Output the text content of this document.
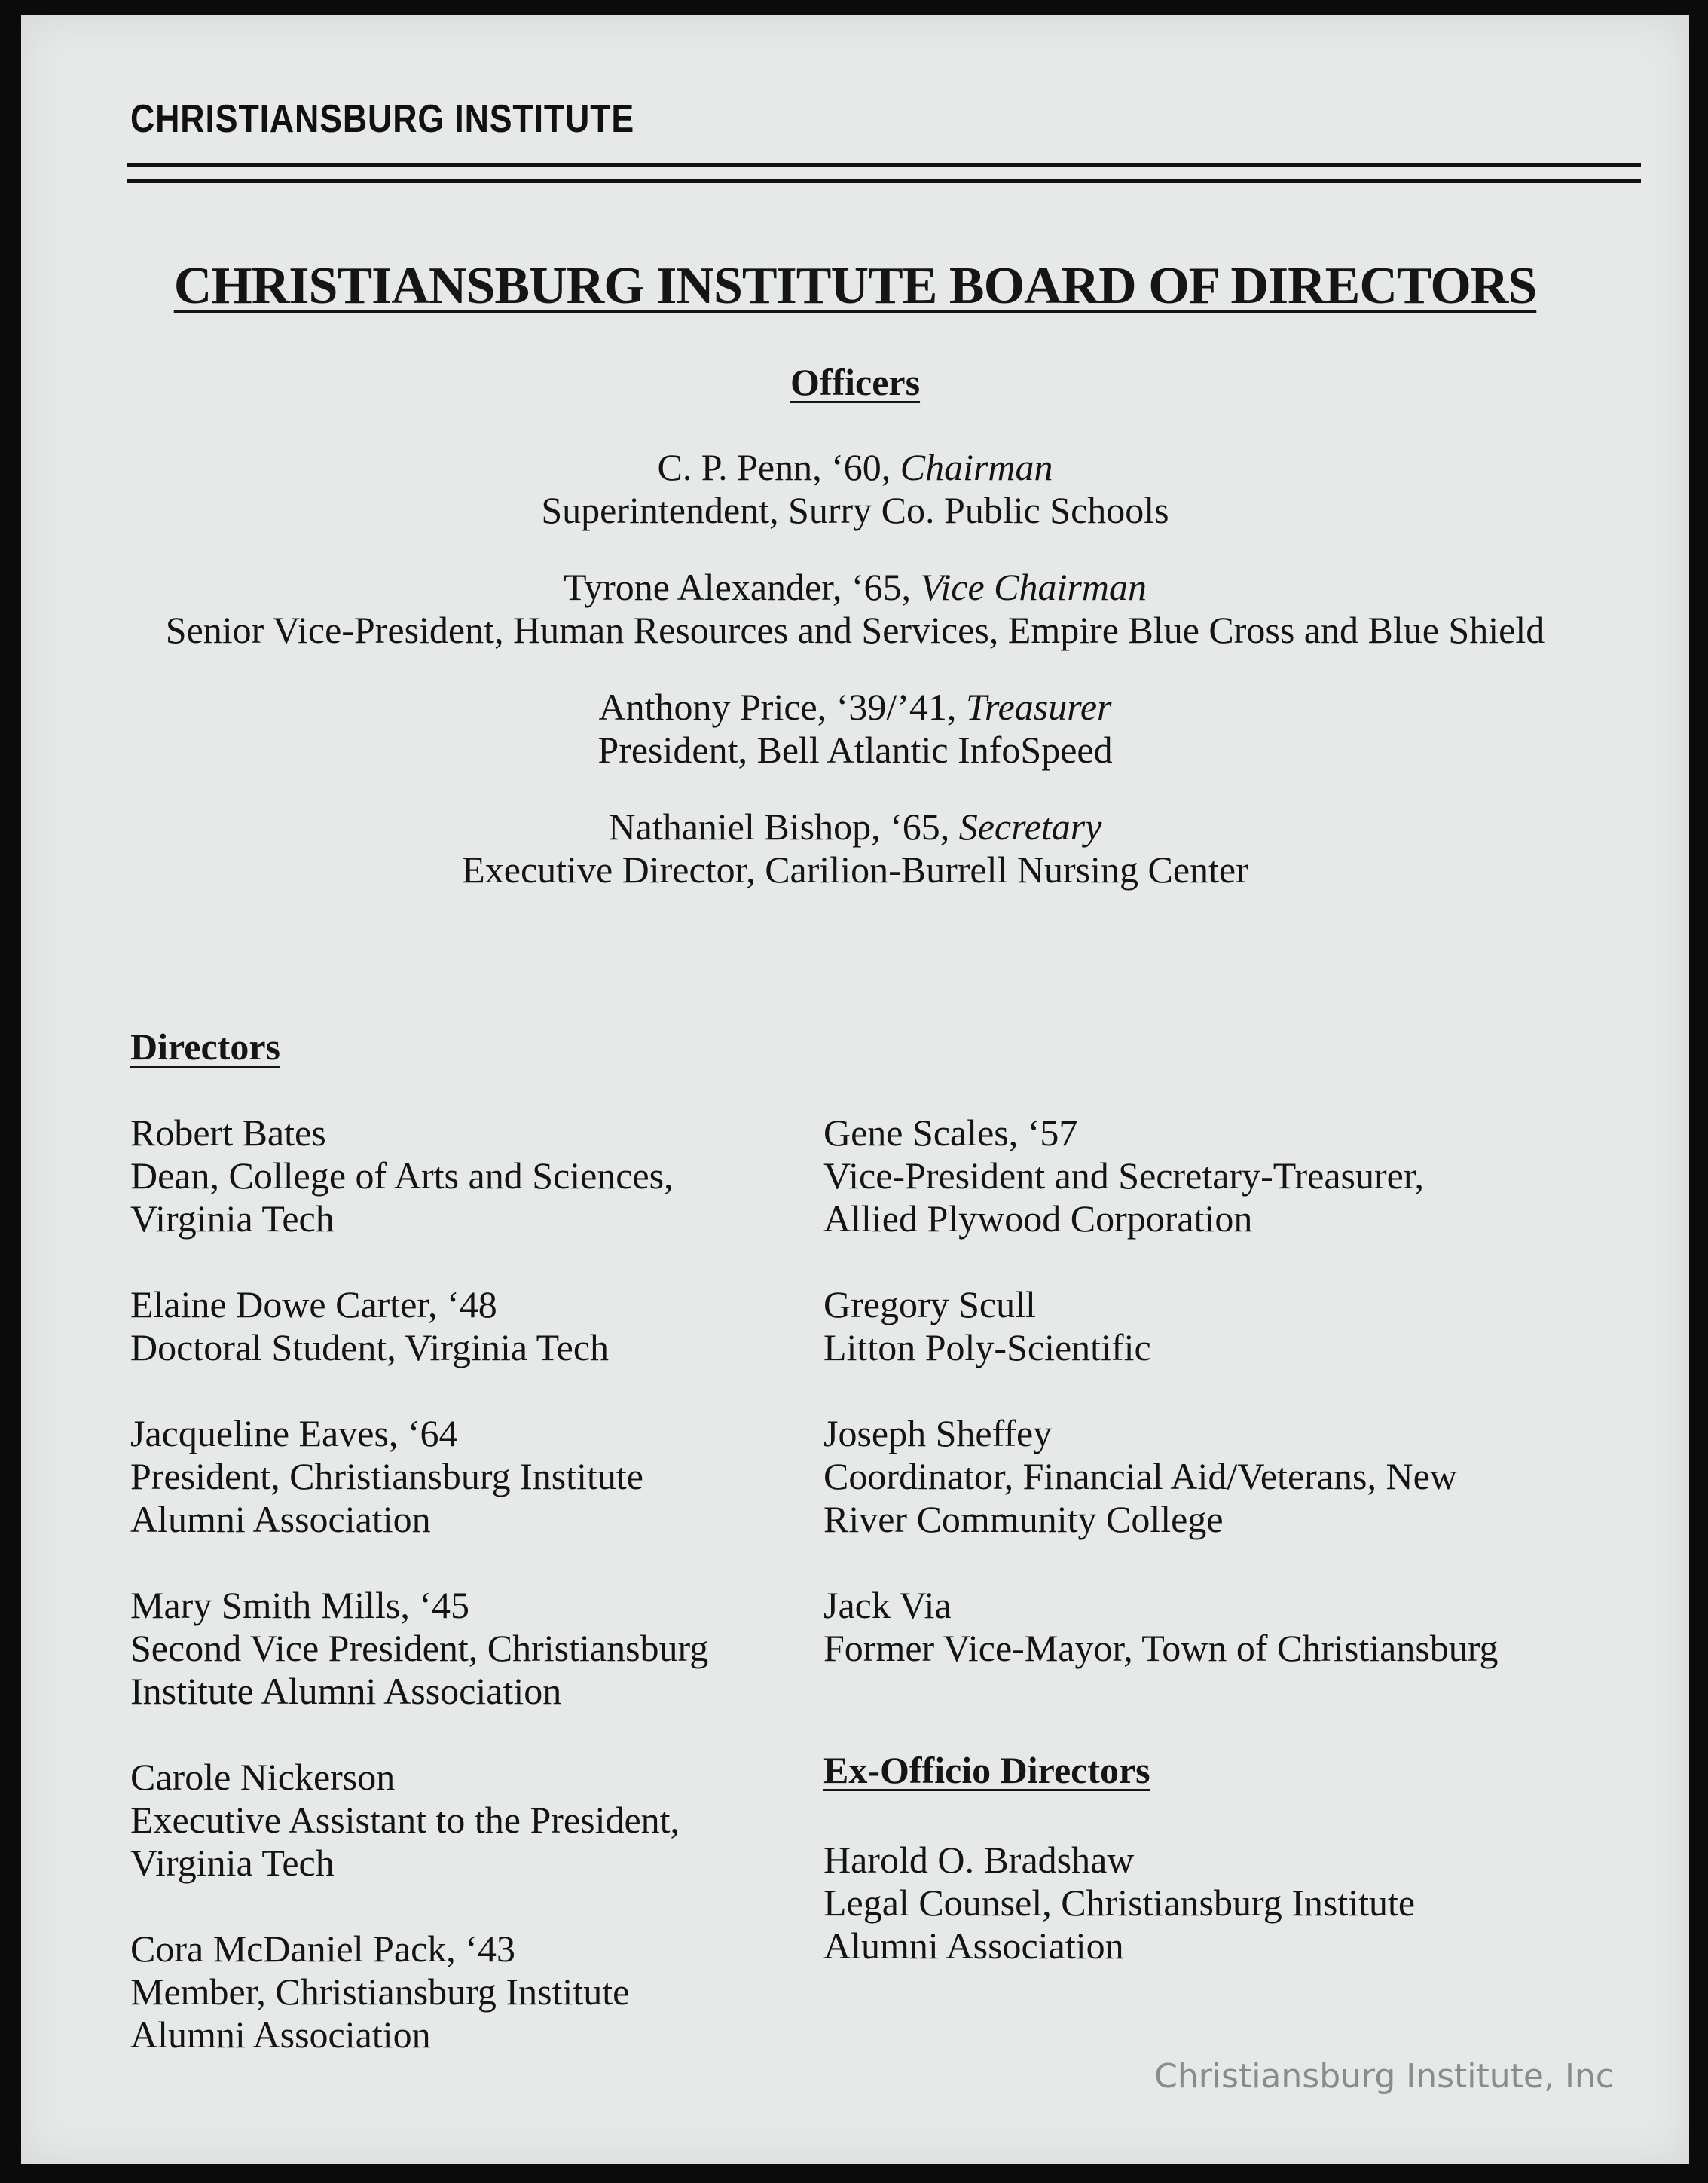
CHRISTIANSBURG INSTITUTE
CHRISTIANSBURG INSTITUTE BOARD OF DIRECTORS
Officers
C. P. Penn, ‘60, Chairman
Superintendent, Surry Co. Public Schools
Tyrone Alexander, ‘65, Vice Chairman
Senior Vice-President, Human Resources and Services, Empire Blue Cross and Blue Shield
Anthony Price, ‘39/’41, Treasurer
President, Bell Atlantic InfoSpeed
Nathaniel Bishop, ‘65, Secretary
Executive Director, Carilion-Burrell Nursing Center
Directors
Robert Bates
Dean, College of Arts and Sciences,
Virginia Tech
Elaine Dowe Carter, ‘48
Doctoral Student, Virginia Tech
Jacqueline Eaves, ‘64
President, Christiansburg Institute
Alumni Association
Mary Smith Mills, ‘45
Second Vice President, Christiansburg
Institute Alumni Association
Carole Nickerson
Executive Assistant to the President,
Virginia Tech
Cora McDaniel Pack, ‘43
Member, Christiansburg Institute
Alumni Association
Gene Scales, ‘57
Vice-President and Secretary-Treasurer,
Allied Plywood Corporation
Gregory Scull
Litton Poly-Scientific
Joseph Sheffey
Coordinator, Financial Aid/Veterans, New
River Community College
Jack Via
Former Vice-Mayor, Town of Christiansburg
Ex-Officio Directors
Harold O. Bradshaw
Legal Counsel, Christiansburg Institute
Alumni Association
Christiansburg Institute, Inc
